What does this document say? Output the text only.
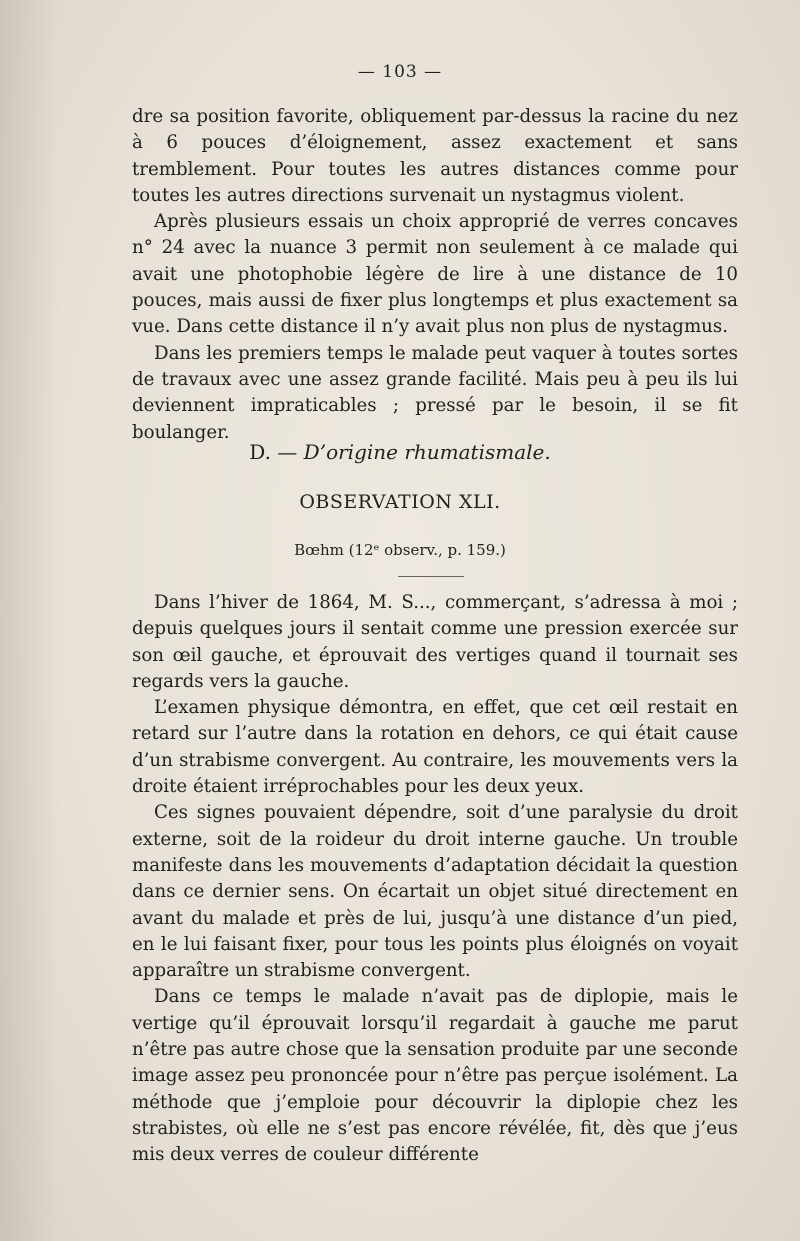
— 103 —

dre sa position favorite, obliquement par-dessus la racine du nez à 6 pouces d’éloignement, assez exactement et sans tremblement. Pour toutes les autres distances comme pour toutes les autres directions survenait un nystagmus violent.

Après plusieurs essais un choix approprié de verres concaves n° 24 avec la nuance 3 permit non seulement à ce malade qui avait une photophobie légère de lire à une distance de 10 pouces, mais aussi de fixer plus longtemps et plus exactement sa vue. Dans cette distance il n’y avait plus non plus de nystagmus.

Dans les premiers temps le malade peut vaquer à toutes sortes de travaux avec une assez grande facilité. Mais peu à peu ils lui deviennent impraticables ; pressé par le besoin, il se fit boulanger.

D. — D’origine rhumatismale.
OBSERVATION XLI.
Bœhm (12ᵉ observ., p. 159.)

Dans l’hiver de 1864, M. S..., commerçant, s’adressa à moi ; depuis quelques jours il sentait comme une pression exercée sur son œil gauche, et éprouvait des vertiges quand il tournait ses regards vers la gauche.

L’examen physique démontra, en effet, que cet œil restait en retard sur l’autre dans la rotation en dehors, ce qui était cause d’un strabisme convergent. Au contraire, les mouvements vers la droite étaient irréprochables pour les deux yeux.

Ces signes pouvaient dépendre, soit d’une paralysie du droit externe, soit de la roideur du droit interne gauche. Un trouble manifeste dans les mouvements d’adaptation décidait la question dans ce dernier sens. On écartait un objet situé directement en avant du malade et près de lui, jusqu’à une distance d’un pied, en le lui faisant fixer, pour tous les points plus éloignés on voyait apparaître un strabisme convergent.

Dans ce temps le malade n’avait pas de diplopie, mais le vertige qu’il éprouvait lorsqu’il regardait à gauche me parut n’être pas autre chose que la sensation produite par une seconde image assez peu prononcée pour n’être pas perçue isolément. La méthode que j’emploie pour découvrir la diplopie chez les strabistes, où elle ne s’est pas encore révélée, fit, dès que j’eus mis deux verres de couleur différente
